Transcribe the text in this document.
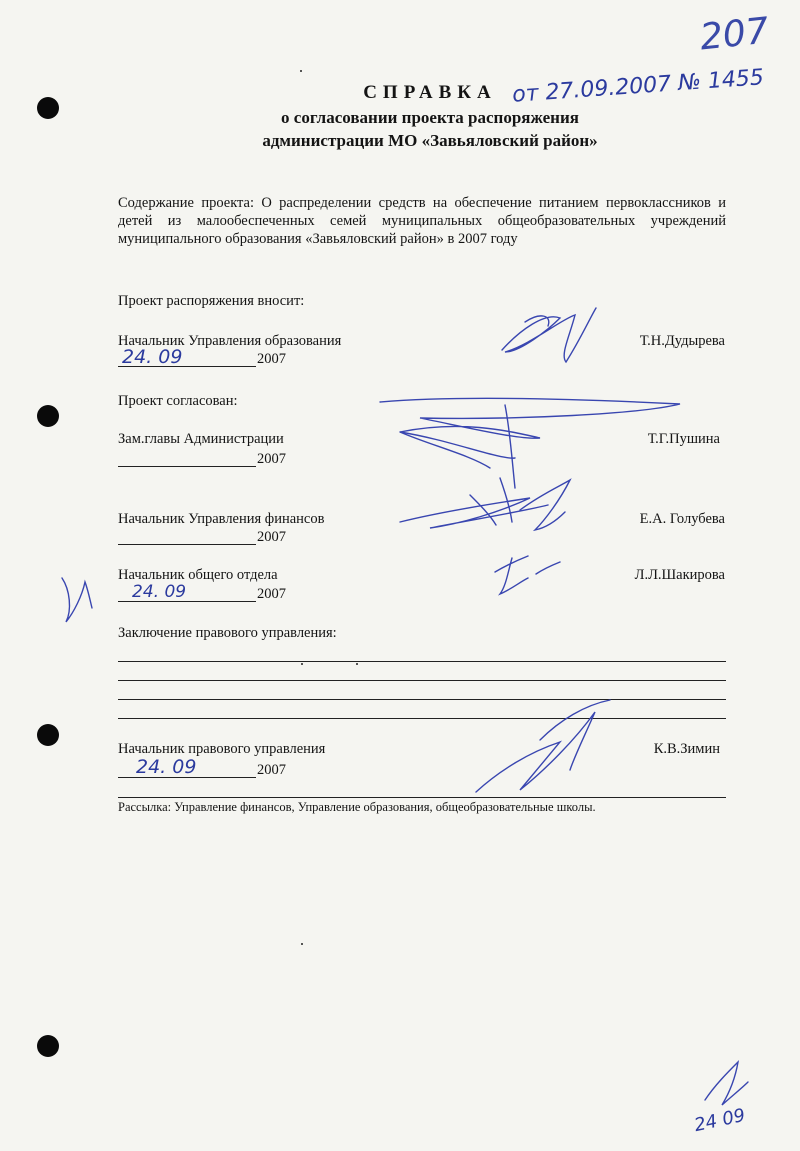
207
СПРАВКА от 27.09.2007 № 1455
о согласовании проекта распоряжения
администрации МО «Завьяловский район»
Содержание проекта: О распределении средств на обеспечение питанием первоклассников и детей из малообеспеченных семей муниципальных общеобразовательных учреждений муниципального образования «Завьяловский район» в 2007 году
Проект распоряжения вносит:
Начальник Управления образования	Т.Н.Дудырева
24. 09	2007
Проект согласован:
Зам.главы Администрации	Т.Г.Пушина
2007
Начальник Управления финансов	Е.А. Голубева
2007
Начальник общего отдела	Л.Л.Шакирова
24. 09	2007
Заключение правового управления:
Начальник правового управления	К.В.Зимин
24. 09	2007
Рассылка: Управление финансов, Управление образования, общеобразовательные школы.
24 09
